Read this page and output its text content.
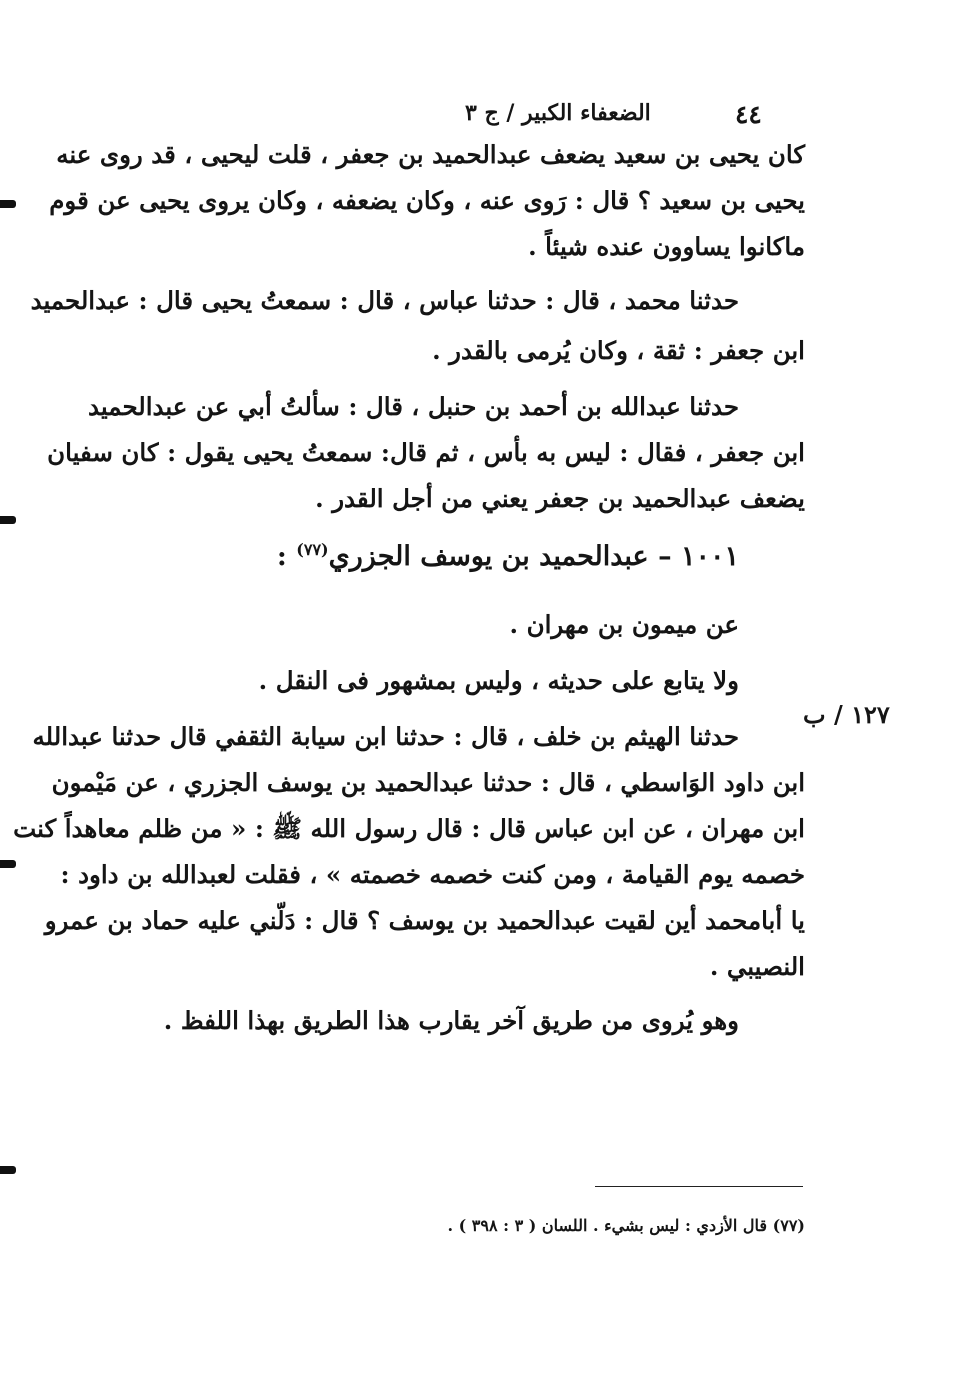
٤٤
الضعفاء الكبير / ج ٣
كان يحيى بن سعيد يضعف عبدالحميد بن جعفر ، قلت ليحيى ، قد روى عنه
يحيى بن سعيد ؟ قال : رَوى عنه ، وكان يضعفه ، وكان يروى يحيى عن قوم
ماكانوا يساوون عنده شيئاً .
حدثنا محمد ، قال : حدثنا عباس ، قال : سمعتُ يحيى قال : عبدالحميد
ابن جعفر : ثقة ، وكان يُرمى بالقدر .
حدثنا عبدالله بن أحمد بن حنبل ، قال : سألتُ أبي عن عبدالحميد
ابن جعفر ، فقال : ليس به بأس ، ثم قال: سمعتُ يحيى يقول : كان سفيان
يضعف عبدالحميد بن جعفر يعني من أجل القدر .
١٠٠١ – عبدالحميد بن يوسف الجزري$^{(٧٧)}$ :
عن ميمون بن مهران .
ولا يتابع على حديثه ، وليس بمشهور فى النقل .
١٢٧ / ب
حدثنا الهيثم بن خلف ، قال : حدثنا ابن سيابة الثقفي قال حدثنا عبدالله
ابن داود الوَاسطي ، قال : حدثنا عبدالحميد بن يوسف الجزري ، عن مَيْمون
ابن مهران ، عن ابن عباس قال : قال رسول الله ﷺ : « من ظلم معاهداً كنت
خصمه يوم القيامة ، ومن كنت خصمه خصمته » ، فقلت لعبدالله بن داود :
يا أبامحمد أين لقيت عبدالحميد بن يوسف ؟ قال : دَلّني عليه حماد بن عمرو
النصيبي .
وهو يُروى من طريق آخر يقارب هذا الطريق بهذا اللفظ .
(٧٧) قال الأزدي : ليس بشيء . اللسان ( ٣ : ٣٩٨ ) .
